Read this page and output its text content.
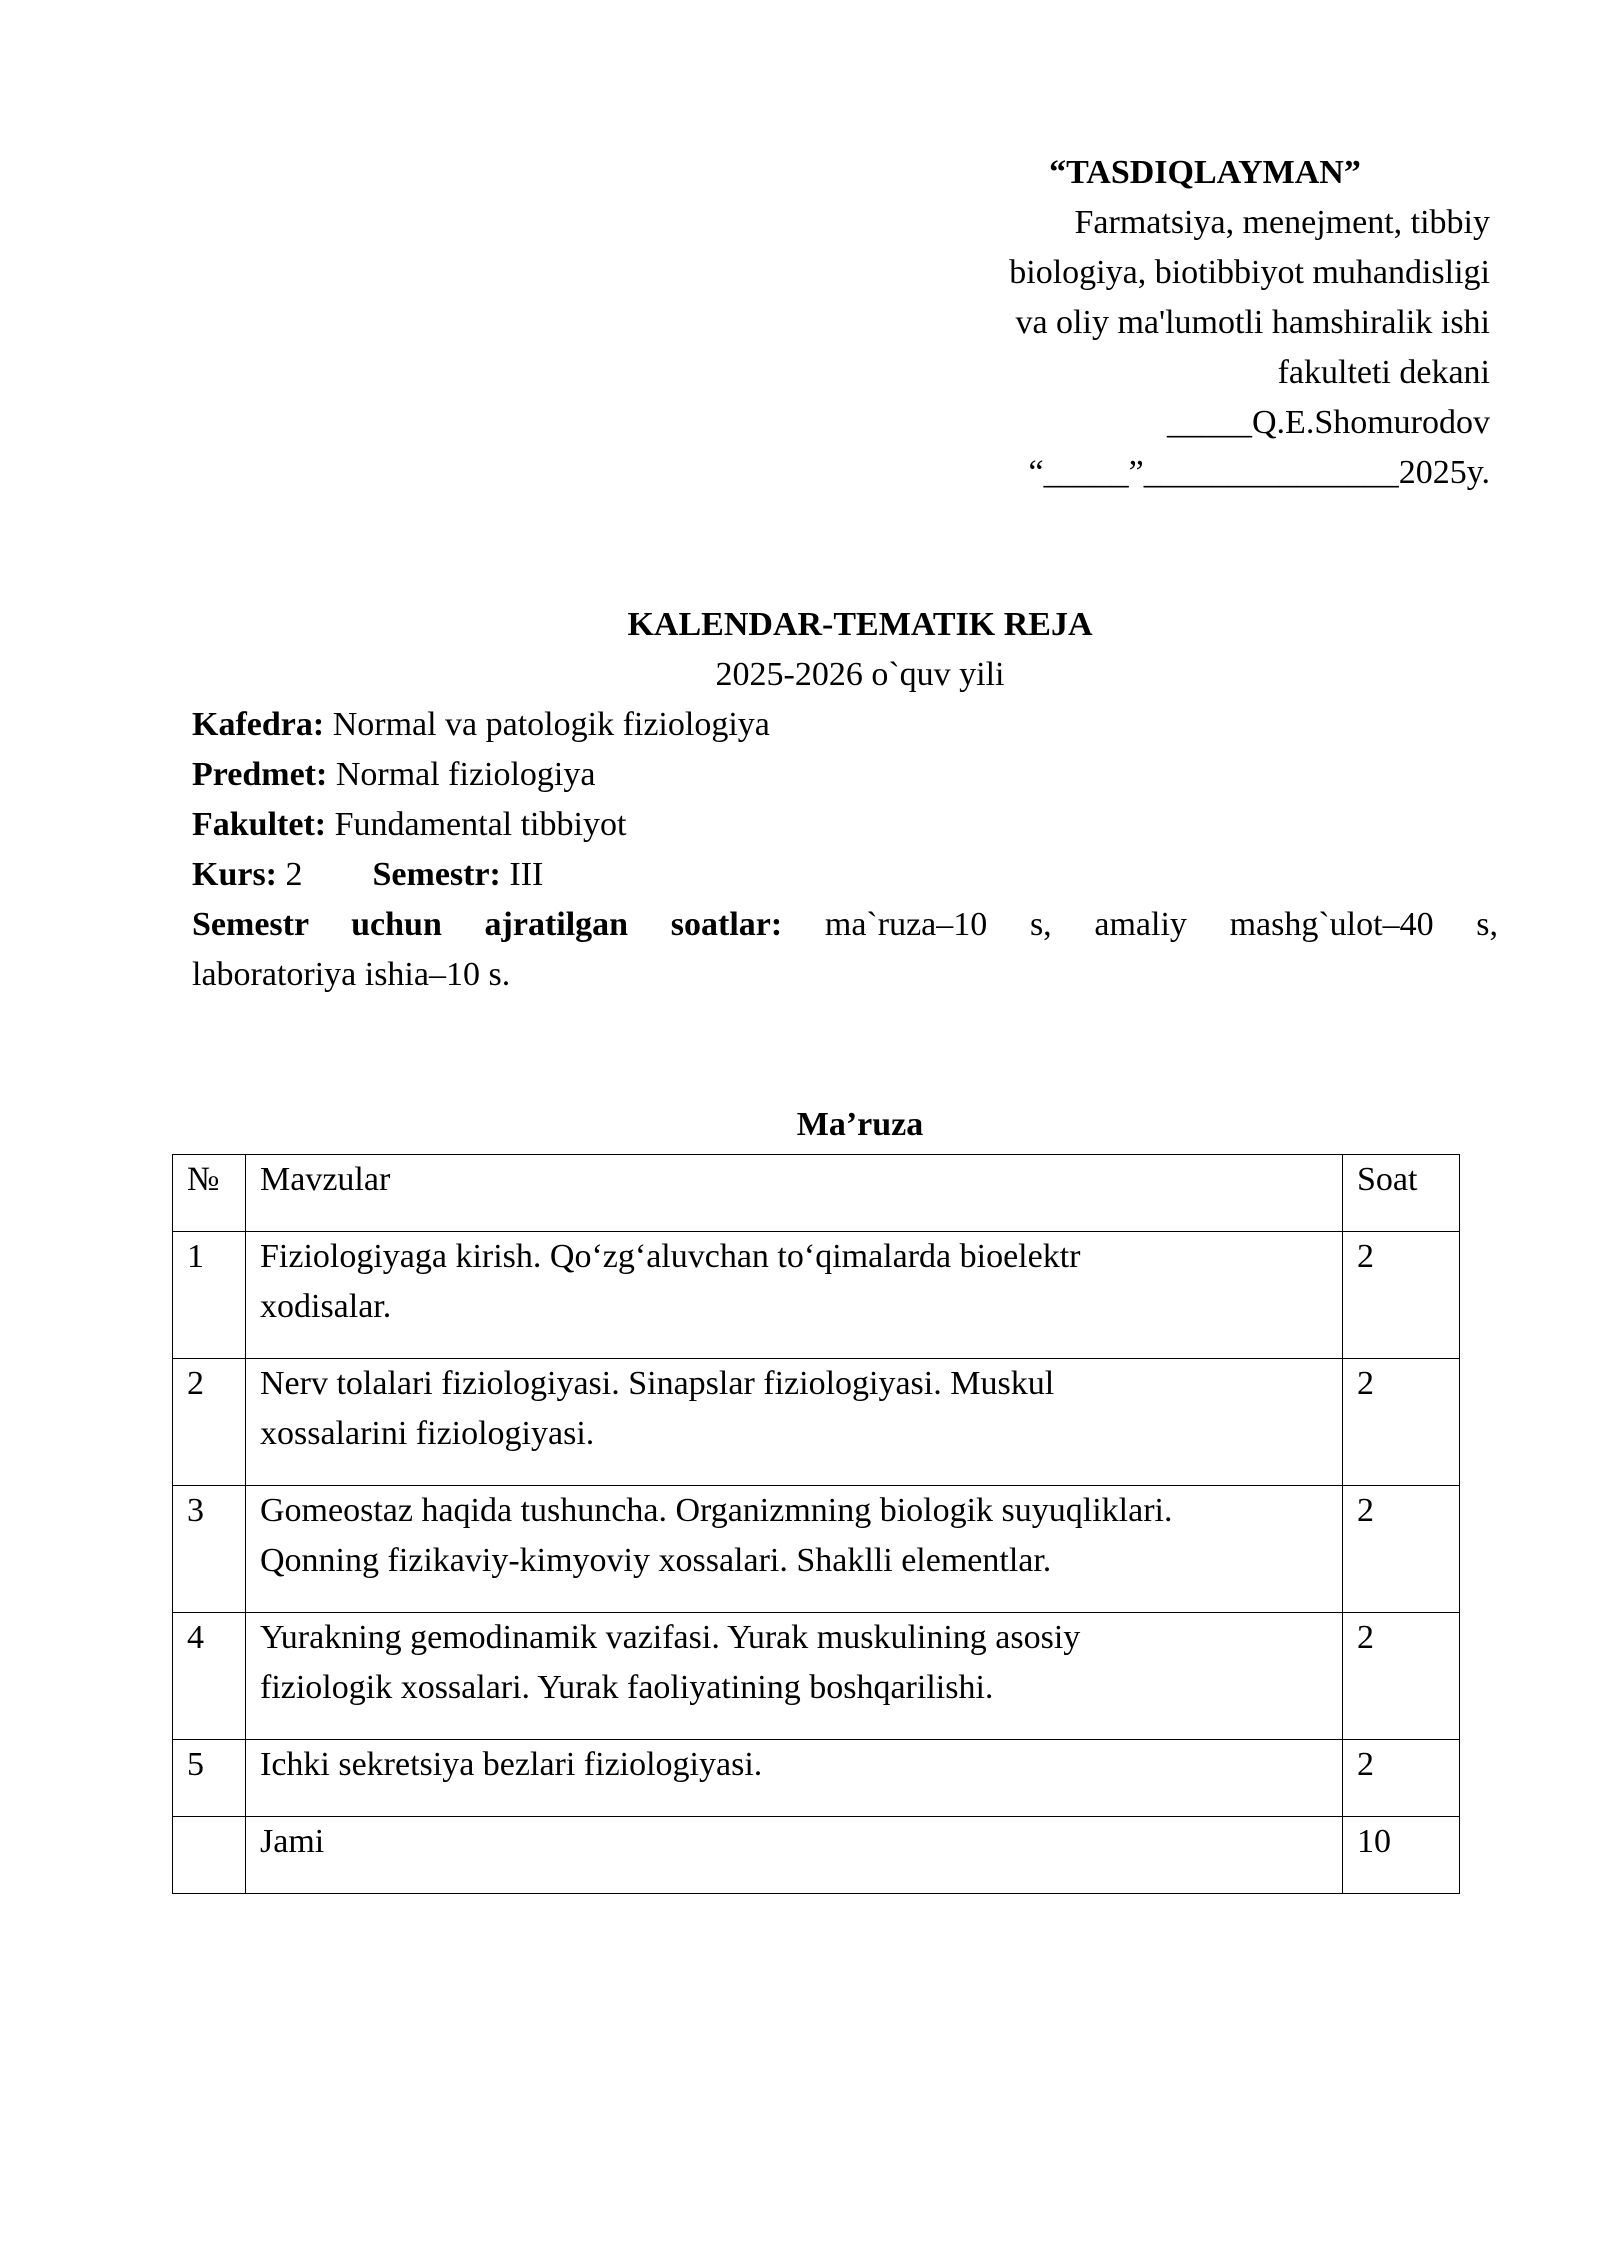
“TASDIQLAYMAN”
Farmatsiya, menejment, tibbiy
biologiya, biotibbiyot muhandisligi
va oliy ma'lumotli hamshiralik ishi
fakulteti dekani
_____Q.E.Shomurodov
“_____”_______________2025y.
KALENDAR-TEMATIK REJA
2025-2026 o`quv yili
Kafedra: Normal va patologik fiziologiya
Predmet: Normal fiziologiya
Fakultet: Fundamental tibbiyot
Kurs: 2 Semestr: III
Semestr uchun ajratilgan soatlar: ma`ruza–10 s, amaliy mashg`ulot–40 s,
laboratoriya ishia–10 s.
Ma’ruza
№	Mavzular	Soat
1	Fiziologiyaga kirish. Qo‘zg‘aluvchan to‘qimalarda bioelektr
xodisalar.	2
2	Nerv tolalari fiziologiyasi. Sinapslar fiziologiyasi. Muskul
xossalarini fiziologiyasi.	2
3	Gomeostaz haqida tushuncha. Organizmning biologik suyuqliklari.
Qonning fizikaviy-kimyoviy xossalari. Shaklli elementlar.	2
4	Yurakning gemodinamik vazifasi. Yurak muskulining asosiy
fiziologik xossalari. Yurak faoliyatining boshqarilishi.	2
5	Ichki sekretsiya bezlari fiziologiyasi.	2
	Jami	10
